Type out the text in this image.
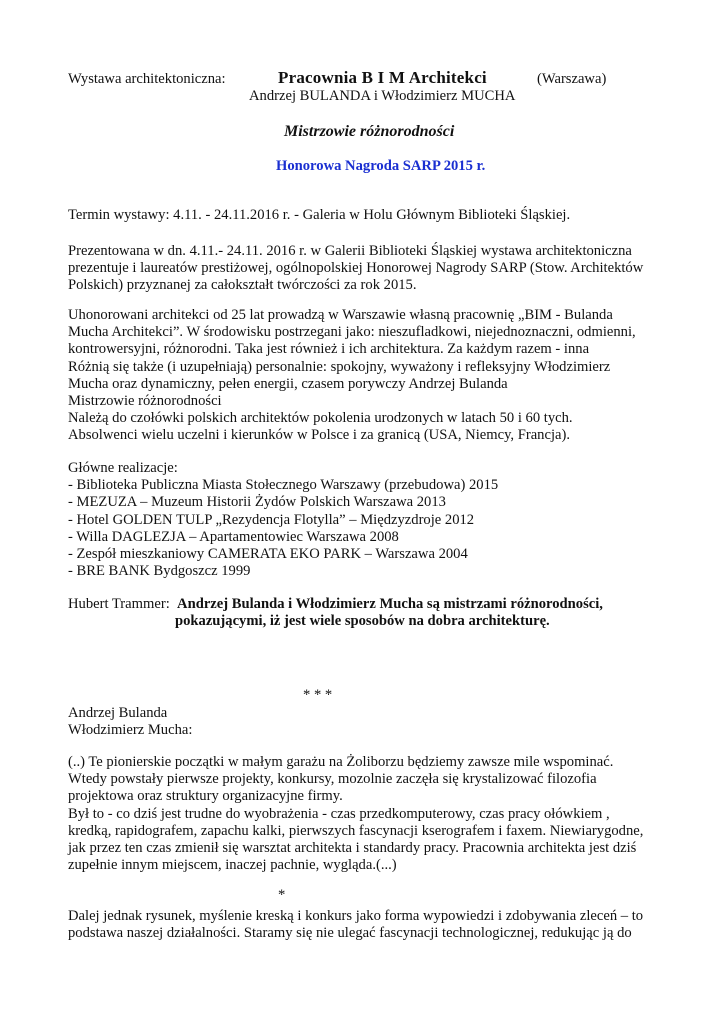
Wystawa architektoniczna:	Pracownia B I M Architekci	(Warszawa)
Andrzej BULANDA i Włodzimierz MUCHA
Mistrzowie różnorodności
Honorowa Nagroda SARP 2015 r.
Termin wystawy: 4.11. - 24.11.2016 r. - Galeria w Holu Głównym Biblioteki Śląskiej.
Prezentowana w dn. 4.11.- 24.11. 2016 r. w Galerii Biblioteki Śląskiej wystawa architektoniczna
prezentuje i laureatów prestiżowej, ogólnopolskiej Honorowej Nagrody SARP (Stow. Architektów
Polskich) przyznanej za całokształt twórczości za rok 2015.
Uhonorowani architekci od 25 lat prowadzą w Warszawie własną pracownię „BIM - Bulanda
Mucha Architekci”. W środowisku postrzegani jako: nieszufladkowi, niejednoznaczni, odmienni,
kontrowersyjni, różnorodni. Taka jest również i ich architektura. Za każdym razem - inna
Różnią się także (i uzupełniają) personalnie: spokojny, wyważony i refleksyjny Włodzimierz
Mucha oraz dynamiczny, pełen energii, czasem porywczy Andrzej Bulanda
Mistrzowie różnorodności
Należą do czołówki polskich architektów pokolenia urodzonych w latach 50 i 60 tych.
Absolwenci wielu uczelni i kierunków w Polsce i za granicą (USA, Niemcy, Francja).
Główne realizacje:
- Biblioteka Publiczna Miasta Stołecznego Warszawy (przebudowa) 2015
- MEZUZA – Muzeum Historii Żydów Polskich Warszawa 2013
- Hotel GOLDEN TULP „Rezydencja Flotylla” – Międzyzdroje 2012
- Willa DAGLEZJA – Apartamentowiec Warszawa 2008
- Zespół mieszkaniowy CAMERATA EKO PARK – Warszawa 2004
- BRE BANK Bydgoszcz 1999
Hubert Trammer: Andrzej Bulanda i Włodzimierz Mucha są mistrzami różnorodności,
pokazującymi, iż jest wiele sposobów na dobra architekturę.
* * *
Andrzej Bulanda
Włodzimierz Mucha:
(..) Te pionierskie początki w małym garażu na Żoliborzu będziemy zawsze mile wspominać.
Wtedy powstały pierwsze projekty, konkursy, mozolnie zaczęła się krystalizować filozofia
projektowa oraz struktury organizacyjne firmy.
Był to - co dziś jest trudne do wyobrażenia - czas przedkomputerowy, czas pracy ołówkiem ,
kredką, rapidografem, zapachu kalki, pierwszych fascynacji kserografem i faxem. Niewiarygodne,
jak przez ten czas zmienił się warsztat architekta i standardy pracy. Pracownia architekta jest dziś
zupełnie innym miejscem, inaczej pachnie, wygląda.(...)
*
Dalej jednak rysunek, myślenie kreską i konkurs jako forma wypowiedzi i zdobywania zleceń – to
podstawa naszej działalności. Staramy się nie ulegać fascynacji technologicznej, redukując ją do
